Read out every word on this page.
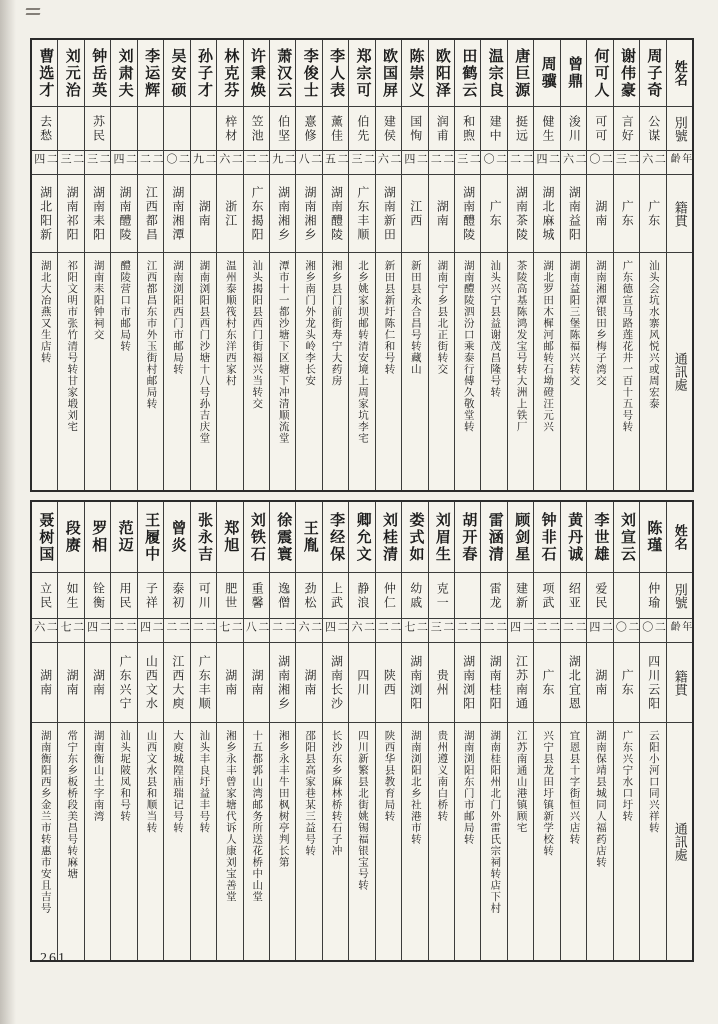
曹选才
去愁
二四
湖北阳新
湖北大冶燕又生店转
刘元治
二三
湖南祁阳
祁阳文明市张竹清号转甘家塅刘宅
钟岳英
苏民
二三
湖南耒阳
湖南耒阳钟祠交
刘肃夫
二四
湖南醴陵
醴陵营口市邮局转
李运辉
二二
江西都昌
江西都昌东市外玉街村邮局转
吴安硕
二〇
湖南湘潭
湖南浏阳西门市邮局转
孙子才
二九
湖南
湖南浏阳县西门沙塘十八号孙吉庆堂
林克芬
梓材
二六
浙江
温州泰顺筏村东洋西家村
许秉焕
笠池
二二
广东揭阳
汕头揭阳县西门街福兴当转交
萧汉云
伯坚
二九
湖南湘乡
潭市十一都沙塘下区塘下冲清顺流堂
李俊士
憙修
二八
湖南湘乡
湘乡南门外龙头岭李长安
李人表
薰佳
二五
湖南醴陵
湘乡县门前街寿宁大药房
郑宗可
伯先
二三
广东丰顺
北乡姚家坝邮转清安境上周家坑李宅
欧国屏
建侯
二六
湖南新田
新田县新圩陈仁和号转
陈崇义
国恂
二四
江西
新田县永合昌号转藏山
欧阳泽
润甫
二二
湖南
湖南宁乡县北正街转交
田鹤云
和煦
二三
湖南醴陵
湖南醴陵泗汾口乘泰行傅久敬堂转
温宗良
建中
二〇
广东
汕头兴宁县益谢茂昌隆号转
唐巨源
挺远
二二
湖南茶陵
茶陵高基陈鸿发宝号转大洲上铁厂
周骥
健生
二四
湖北麻城
湖北罗田木樨河邮转石坳磴汪元兴
曾鼎
浚川
二六
湖南益阳
湖南益阳三堡陈福兴转交
何可人
可可
二〇
湖南
湖南湘潭银田乡梅子湾交
谢伟豪
言好
二三
广东
广东德宣马路莲花井一百十五号转
周子奇
公谋
二六
广东
汕头会坑水寨风悦兴或周宏泰
姓名
別號
年齡
籍貫
通訊處
聂树国
立民
二六
湖南
湖南衡阳西乡金兰市转惠市安且吉号
段赓
如生
二七
湖南
常宁东乡板桥段美昌号转麻塘
罗相
铨衡
二四
湖南
湖南衡山土字南湾
范迈
用民
二二
广东兴宁
汕头坭陂凤和号转
王履中
子祥
二四
山西文水
山西文水县和顺当转
曾炎
泰初
二二
江西大庾
大庾城隍庙瑞记号转
张永吉
可川
二二
广东丰顺
汕头丰良圩益丰号转
郑旭
肥世
二七
湖南
湘乡永丰曾家塘代诉人康刘宝善堂
刘铁石
重馨
二八
湖南
十五都郭山湾邮务所送花桥中山堂
徐震寰
逸僧
二二
湖南湘乡
湘乡永丰牛田枫树亭判长第
王胤
劲松
二六
湖南
邵阳县高家巷某三益号转
李经保
上武
二四
湖南长沙
长沙东乡麻林桥转石子冲
卿允文
静浪
二六
四川
四川新繁县北街姚锡福银宝号转
刘桂清
仲仁
二二
陕西
陕西华县教育局转
娄式如
幼戚
二七
湖南浏阳
湖南浏阳北乡社港市转
刘眉生
克一
二三
贵州
贵州遵义南白桥转
胡开春
二二
湖南浏阳
湖南浏阳东门市邮局转
雷涵清
雷龙
二二
湖南桂阳
湖南桂阳州北门外雷氏宗祠转店下村
顾剑星
建新
二四
江苏南通
江苏南通山港镇顾宅
钟非石
项武
二二
广东
兴宁县龙田圩镇新学校转
黄丹诚
绍亚
二二
湖北宜恩
宜恩县十字街恒兴店转
李世雄
爱民
二四
湖南
湖南保靖县城同人福药店转
刘宣云
二〇
广东
广东兴宁水口圩转
陈瑾
仲瑜
二〇
四川云阳
云阳小河口同兴祥转
姓名
別號
年齡
籍貫
通訊處
261
